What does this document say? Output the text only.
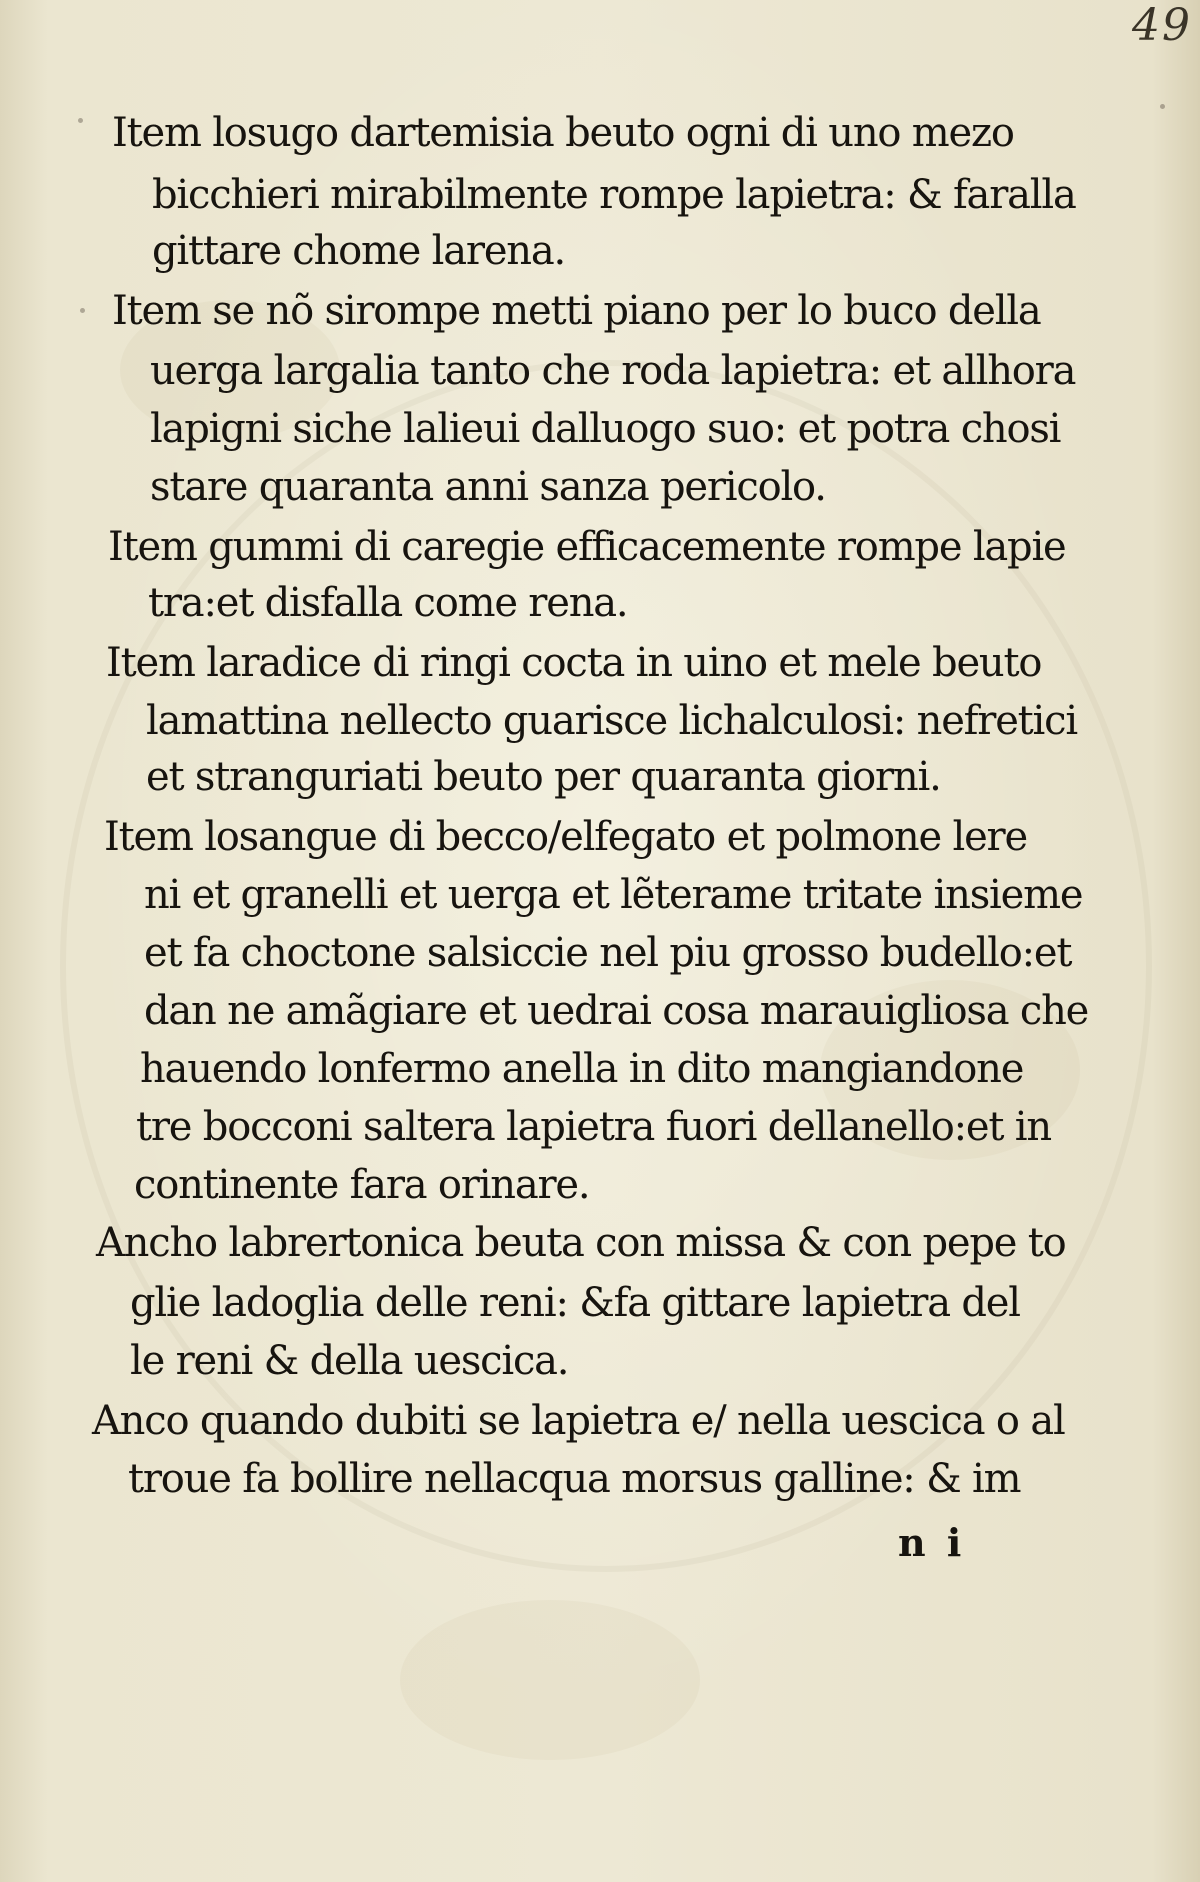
49
Item losugo dartemisia beuto ogni di uno mezo
bicchieri mirabilmente rompe lapietra: & faralla
gittare chome larena.
Item se nõ sirompe metti piano per lo buco della
uerga largalia tanto che roda lapietra: et allhora
lapigni siche lalieui dalluogo suo: et potra chosi
stare quaranta anni sanza pericolo.
Item gummi di caregie efficacemente rompe lapie
tra:et disfalla come rena.
Item laradice di ringi cocta in uino et mele beuto
lamattina nellecto guarisce lichalculosi: nefretici
et stranguriati beuto per quaranta giorni.
Item losangue di becco/elfegato et polmone lere
ni et granelli et uerga et lẽterame tritate insieme
et fa choctone salsiccie nel piu grosso budello:et
dan ne amãgiare et uedrai cosa marauigliosa che
hauendo lonfermo anella in dito mangiandone
tre bocconi saltera lapietra fuori dellanello:et in
continente fara orinare.
Ancho labrertonica beuta con missa & con pepe to
glie ladoglia delle reni: &fa gittare lapietra del
le reni & della uescica.
Anco quando dubiti se lapietra e/ nella uescica o al
troue fa bollire nellacqua morsus galline: & im
n i
